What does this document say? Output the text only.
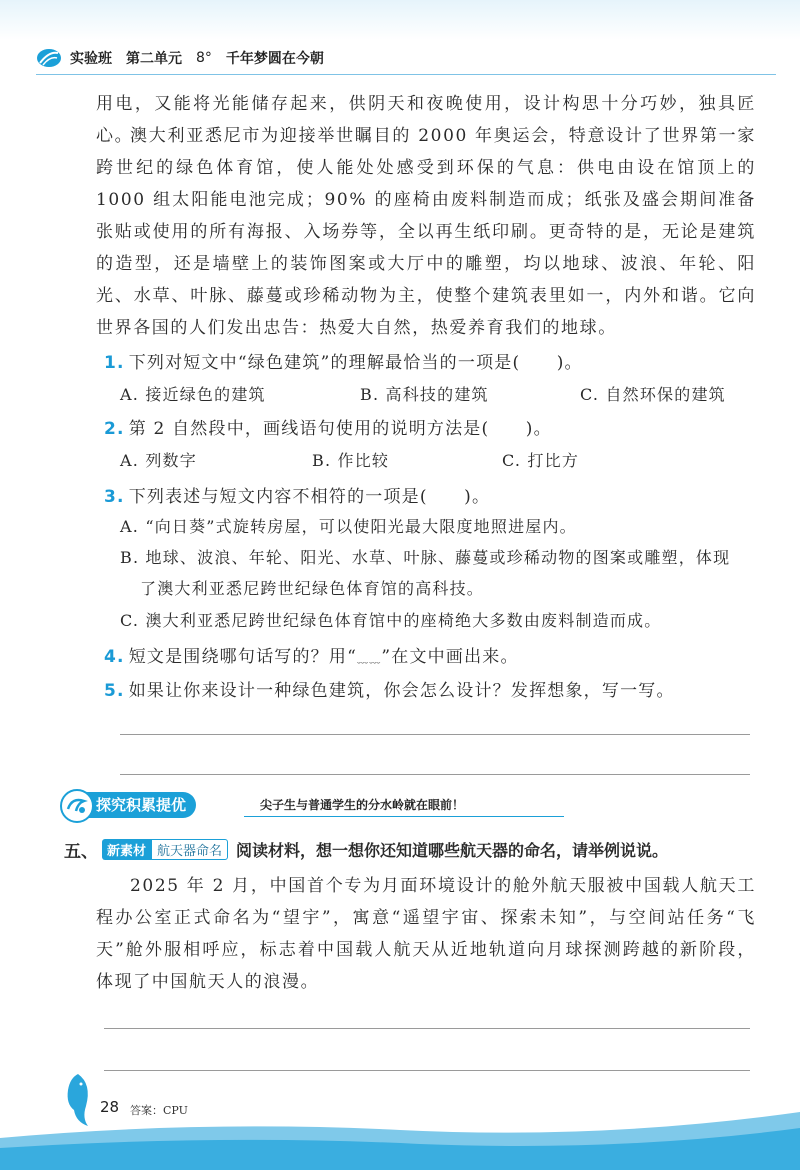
实验班 第二单元 8° 千年梦圆在今朝
用电，又能将光能储存起来，供阴天和夜晚使用，设计构思十分巧妙，独具匠心。
澳大利亚悉尼市为迎接举世瞩目的 2000 年奥运会，特意设计了世界第一家跨世纪的绿色体育馆，使人能处处感受到环保的气息：供电由设在馆顶上的 1000 组太阳能电池完成；90% 的座椅由废料制造而成；纸张及盛会期间准备张贴或使用的所有海报、入场券等，全以再生纸印刷。更奇特的是，无论是建筑的造型，还是墙壁上的装饰图案或大厅中的雕塑，均以地球、波浪、年轮、阳光、水草、叶脉、藤蔓或珍稀动物为主，使整个建筑表里如一，内外和谐。它向世界各国的人们发出忠告：热爱大自然，热爱养育我们的地球。
1. 下列对短文中“绿色建筑”的理解最恰当的一项是(　　)。
A. 接近绿色的建筑	B. 高科技的建筑	C. 自然环保的建筑
2. 第 2 自然段中，画线语句使用的说明方法是(　　)。
A. 列数字	B. 作比较	C. 打比方
3. 下列表述与短文内容不相符的一项是(　　)。
A. “向日葵”式旋转房屋，可以使阳光最大限度地照进屋内。
B. 地球、波浪、年轮、阳光、水草、叶脉、藤蔓或珍稀动物的图案或雕塑，体现
了澳大利亚悉尼跨世纪绿色体育馆的高科技。
C. 澳大利亚悉尼跨世纪绿色体育馆中的座椅绝大多数由废料制造而成。
4. 短文是围绕哪句话写的？用“﹏﹏”在文中画出来。
5. 如果让你来设计一种绿色建筑，你会怎么设计？发挥想象，写一写。
探究积累提优	尖子生与普通学生的分水岭就在眼前！
五、 新素材 航天器命名 阅读材料，想一想你还知道哪些航天器的命名，请举例说说。
2025 年 2 月，中国首个专为月面环境设计的舱外航天服被中国载人航天工程办公室正式命名为“望宇”，寓意“遥望宇宙、探索未知”，与空间站任务“飞天”舱外服相呼应，标志着中国载人航天从近地轨道向月球探测跨越的新阶段，体现了中国航天人的浪漫。
28 答案：CPU
